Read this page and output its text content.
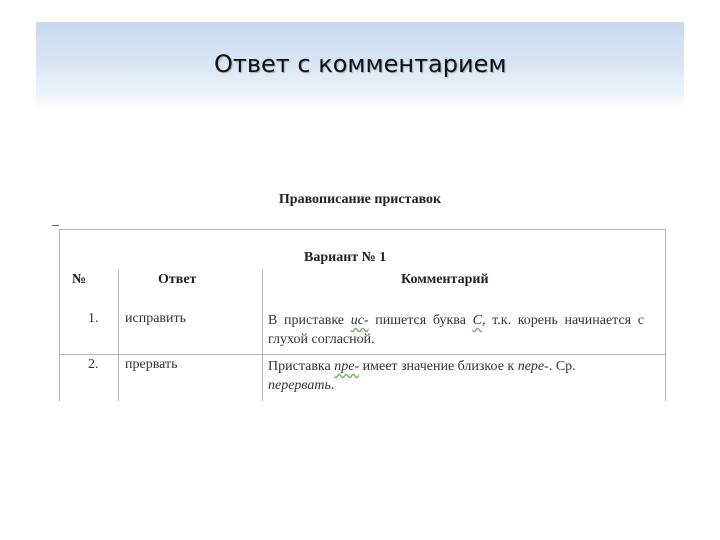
Ответ с комментарием
Правописание приставок
Вариант № 1
№	Ответ	Комментарий
1. исправить	В приставке ис- пишется буква С, т.к. корень начинается с глухой согласной.
2. прервать	Приставка пре- имеет значение близкое к пере-. Ср. перервать.
